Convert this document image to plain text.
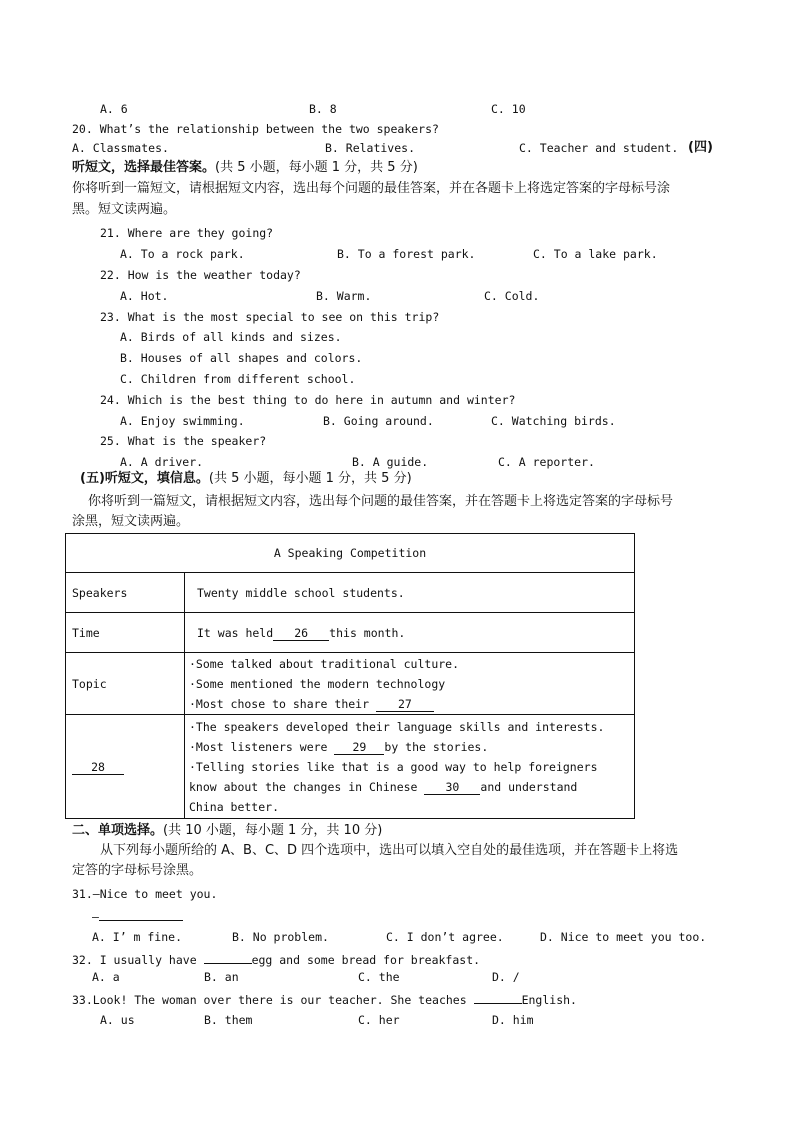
A. 6	B. 8	C. 10
20. What’s the relationship between the two speakers?
A. Classmates.	B. Relatives.	C. Teacher and student. (四)
听短文，选择最佳答案。(共 5 小题，每小题 1 分，共 5 分)
你将听到一篇短文，请根据短文内容，选出每个问题的最佳答案，并在各题卡上将选定答案的字母标号涂
黑。短文读两遍。
21. Where are they going?
A. To a rock park.	B. To a forest park.	C. To a lake park.
22. How is the weather today?
A. Hot.	B. Warm.	C. Cold.
23. What is the most special to see on this trip?
A. Birds of all kinds and sizes.
B. Houses of all shapes and colors.
C. Children from different school.
24. Which is the best thing to do here in autumn and winter?
A. Enjoy swimming.	B. Going around.	C. Watching birds.
25. What is the speaker?
A. A driver.	B. A guide.	C. A reporter.
(五)听短文，填信息。(共 5 小题，每小题 1 分，共 5 分)
你将听到一篇短文，请根据短文内容，选出每个问题的最佳答案，并在答题卡上将选定答案的字母标号
涂黑，短文读两遍。
A Speaking Competition	
Speakers	Twenty middle school students.
Time	It was held 26 this month.
Topic	·Some talked about traditional culture.
·Some mentioned the modern technology
·Most chose to share their 27

28	·The speakers developed their language skills and interests.
·Most listeners were 29 by the stories.
·Telling stories like that is a good way to help foreigners
know about the changes in Chinese 30 and understand
China better.
二、单项选择。(共 10 小题，每小题 1 分，共 10 分)
从下列每小题所给的 A、B、C、D 四个选项中，选出可以填入空自处的最佳选项，并在答题卡上将选
定答的字母标号涂黑。
31.—Nice to meet you.
—
A. I’ m fine.	B. No problem.	C. I don’t agree.	D. Nice to meet you too.
32. I usually have	egg and some bread for breakfast.
A. a	B. an	C. the	D. /
33.Look! The woman over there is our teacher. She teaches	English.
A. us	B. them	C. her	D. him
